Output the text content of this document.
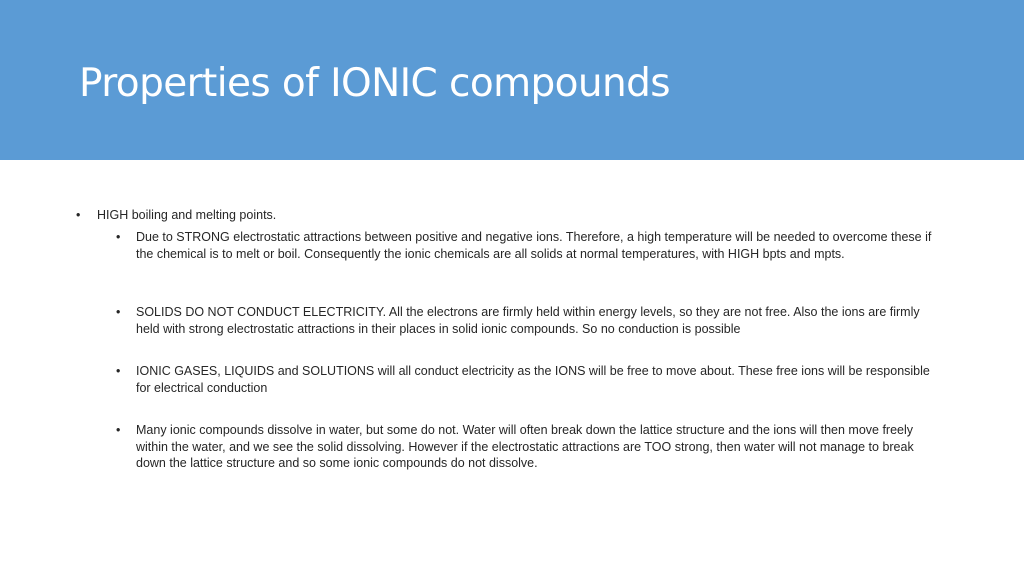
Properties of IONIC compounds
• HIGH boiling and melting points.
• Due to STRONG electrostatic attractions between positive and negative ions. Therefore, a high temperature will be needed to overcome these if the chemical is to melt or boil. Consequently the ionic chemicals are all solids at normal temperatures, with HIGH bpts and mpts.
• SOLIDS DO NOT CONDUCT ELECTRICITY. All the electrons are firmly held within energy levels, so they are not free. Also the ions are firmly held with strong electrostatic attractions in their places in solid ionic compounds. So no conduction is possible
• IONIC GASES, LIQUIDS and SOLUTIONS will all conduct electricity as the IONS will be free to move about. These free ions will be responsible for electrical conduction
• Many ionic compounds dissolve in water, but some do not. Water will often break down the lattice structure and the ions will then move freely within the water, and we see the solid dissolving. However if the electrostatic attractions are TOO strong, then water will not manage to break down the lattice structure and so some ionic compounds do not dissolve.
